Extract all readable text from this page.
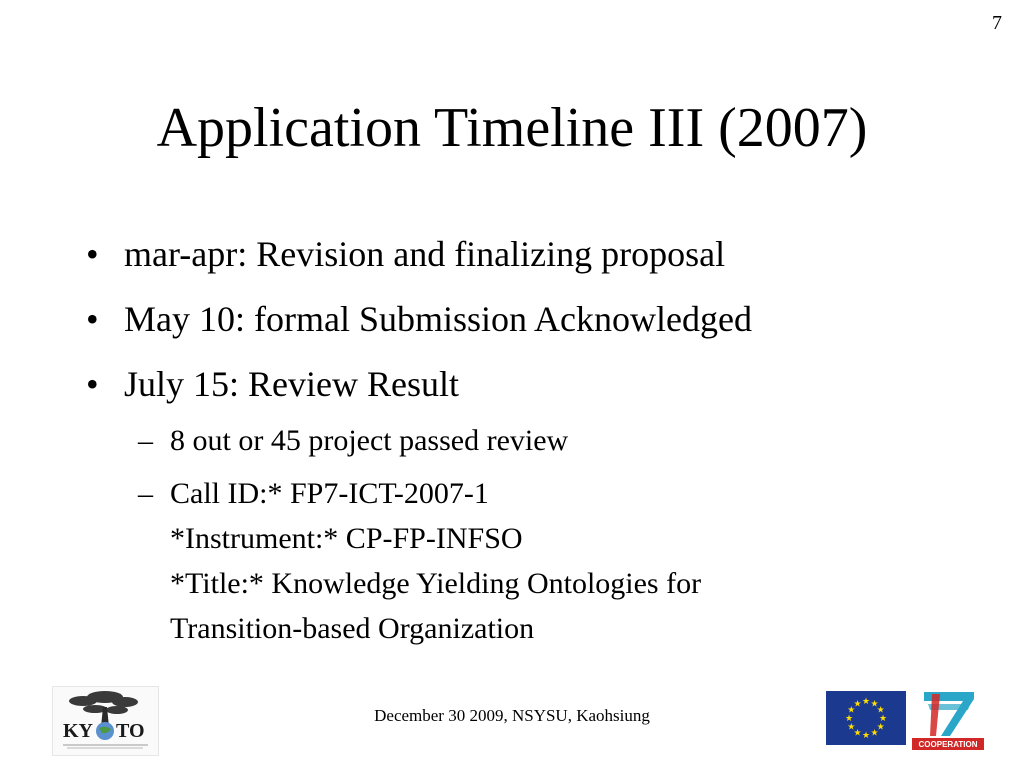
7
Application Timeline III (2007)
• mar-apr: Revision and finalizing proposal
• May 10: formal Submission Acknowledged
• July 15: Review Result
– 8 out or 45 project passed review
– Call ID:* FP7-ICT-2007-1
*Instrument:* CP-FP-INFSO
*Title:* Knowledge Yielding Ontologies for
Transition-based Organization
KY TO
December 30 2009, NSYSU, Kaohsiung
★ ★
★
★
★
★
★
★
★
★
★
★
COOPERATION
